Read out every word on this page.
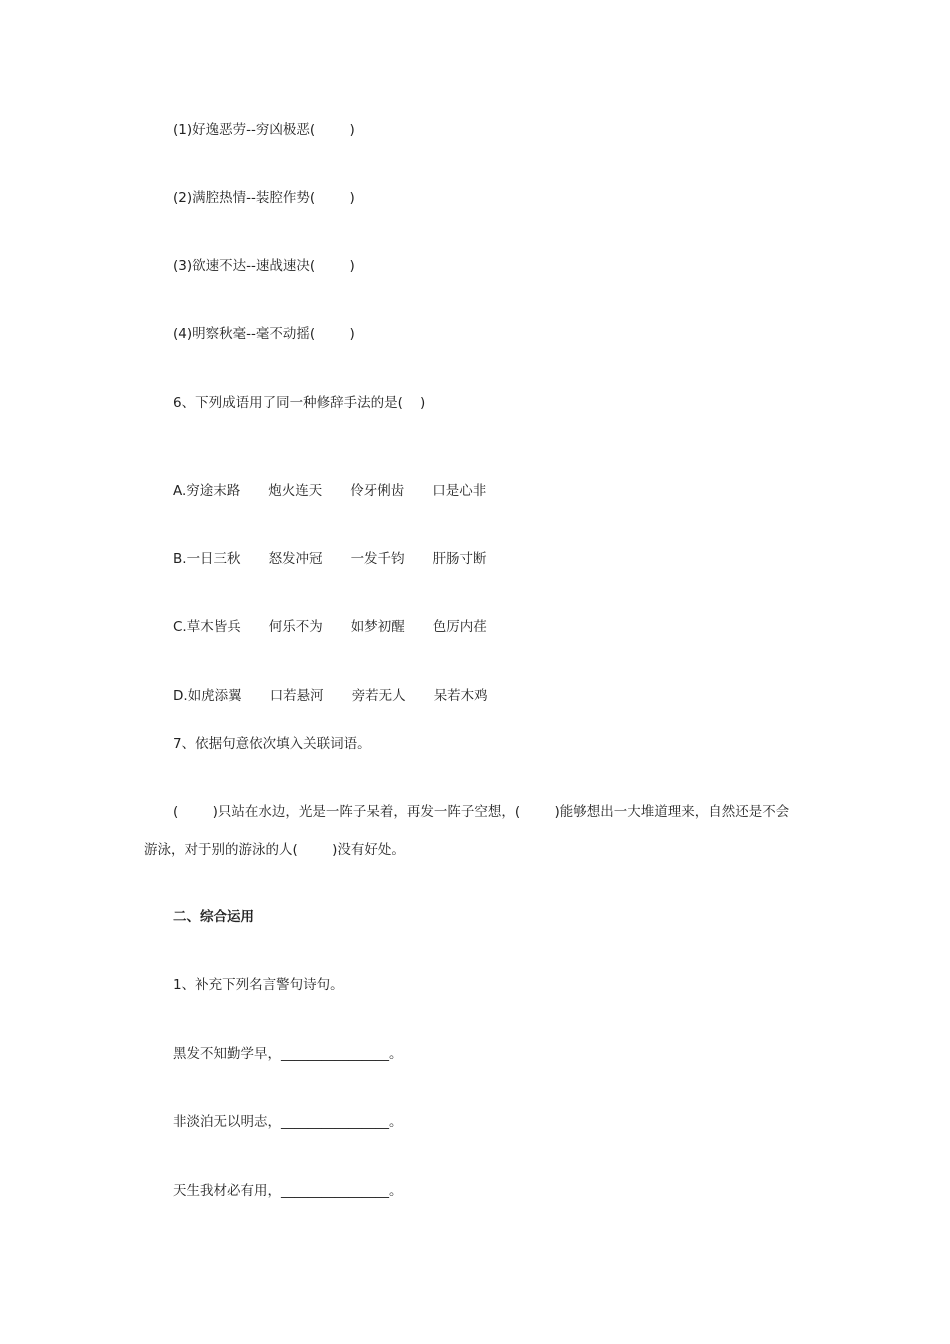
(1)好逸恶劳--穷凶极恶(        )
(2)满腔热情--装腔作势(        )
(3)欲速不达--速战速决(        )
(4)明察秋毫--毫不动摇(        )
6、下列成语用了同一种修辞手法的是(    )

A.穷途末路 炮火连天 伶牙俐齿 口是心非

B.一日三秋 怒发冲冠 一发千钧 肝肠寸断

C.草木皆兵 何乐不为 如梦初醒 色厉内荏

D.如虎添翼 口若悬河 旁若无人 呆若木鸡

7、依据句意依次填入关联词语。
(        )只站在水边，光是一阵子呆着，再发一阵子空想，(        )能够想出一大堆道理来，自然还是不会
游泳，对于别的游泳的人(        )没有好处。
二、综合运用
1、补充下列名言警句诗句。
黑发不知勤学早，________________。
非淡泊无以明志，________________。
天生我材必有用，________________。
